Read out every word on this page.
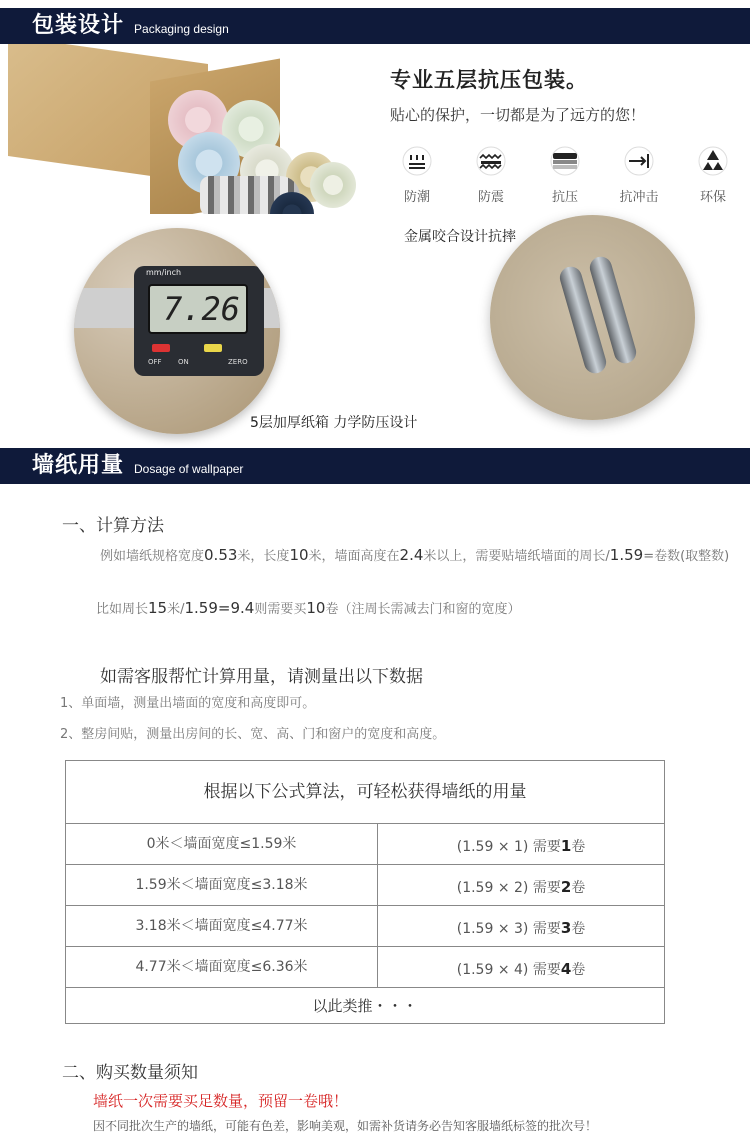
包装设计 Packaging design
专业五层抗压包装。
贴心的保护，一切都是为了远方的您！
防潮	防震	抗压	抗冲击	环保
mm/inch
7.26
OFF ON	ZERO
金属咬合设计抗摔
5层加厚纸箱 力学防压设计
墙纸用量 Dosage of wallpaper
一、计算方法
例如墙纸规格宽度0.53米，长度10米，墙面高度在2.4米以上，需要贴墙纸墙面的周长/1.59=卷数(取整数)
比如周长15米/1.59=9.4则需要买10卷（注周长需减去门和窗的宽度）
如需客服帮忙计算用量，请测量出以下数据
1、单面墙，测量出墙面的宽度和高度即可。
2、整房间贴，测量出房间的长、宽、高、门和窗户的宽度和高度。
根据以下公式算法，可轻松获得墙纸的用量
0米＜墙面宽度≤1.59米	(1.59 × 1) 需要1卷
1.59米＜墙面宽度≤3.18米	(1.59 × 2) 需要2卷
3.18米＜墙面宽度≤4.77米	(1.59 × 3) 需要3卷
4.77米＜墙面宽度≤6.36米	(1.59 × 4) 需要4卷
以此类推・・・
二、购买数量须知
墙纸一次需要买足数量，预留一卷哦！
因不同批次生产的墙纸，可能有色差，影响美观，如需补货请务必告知客服墙纸标签的批次号！
